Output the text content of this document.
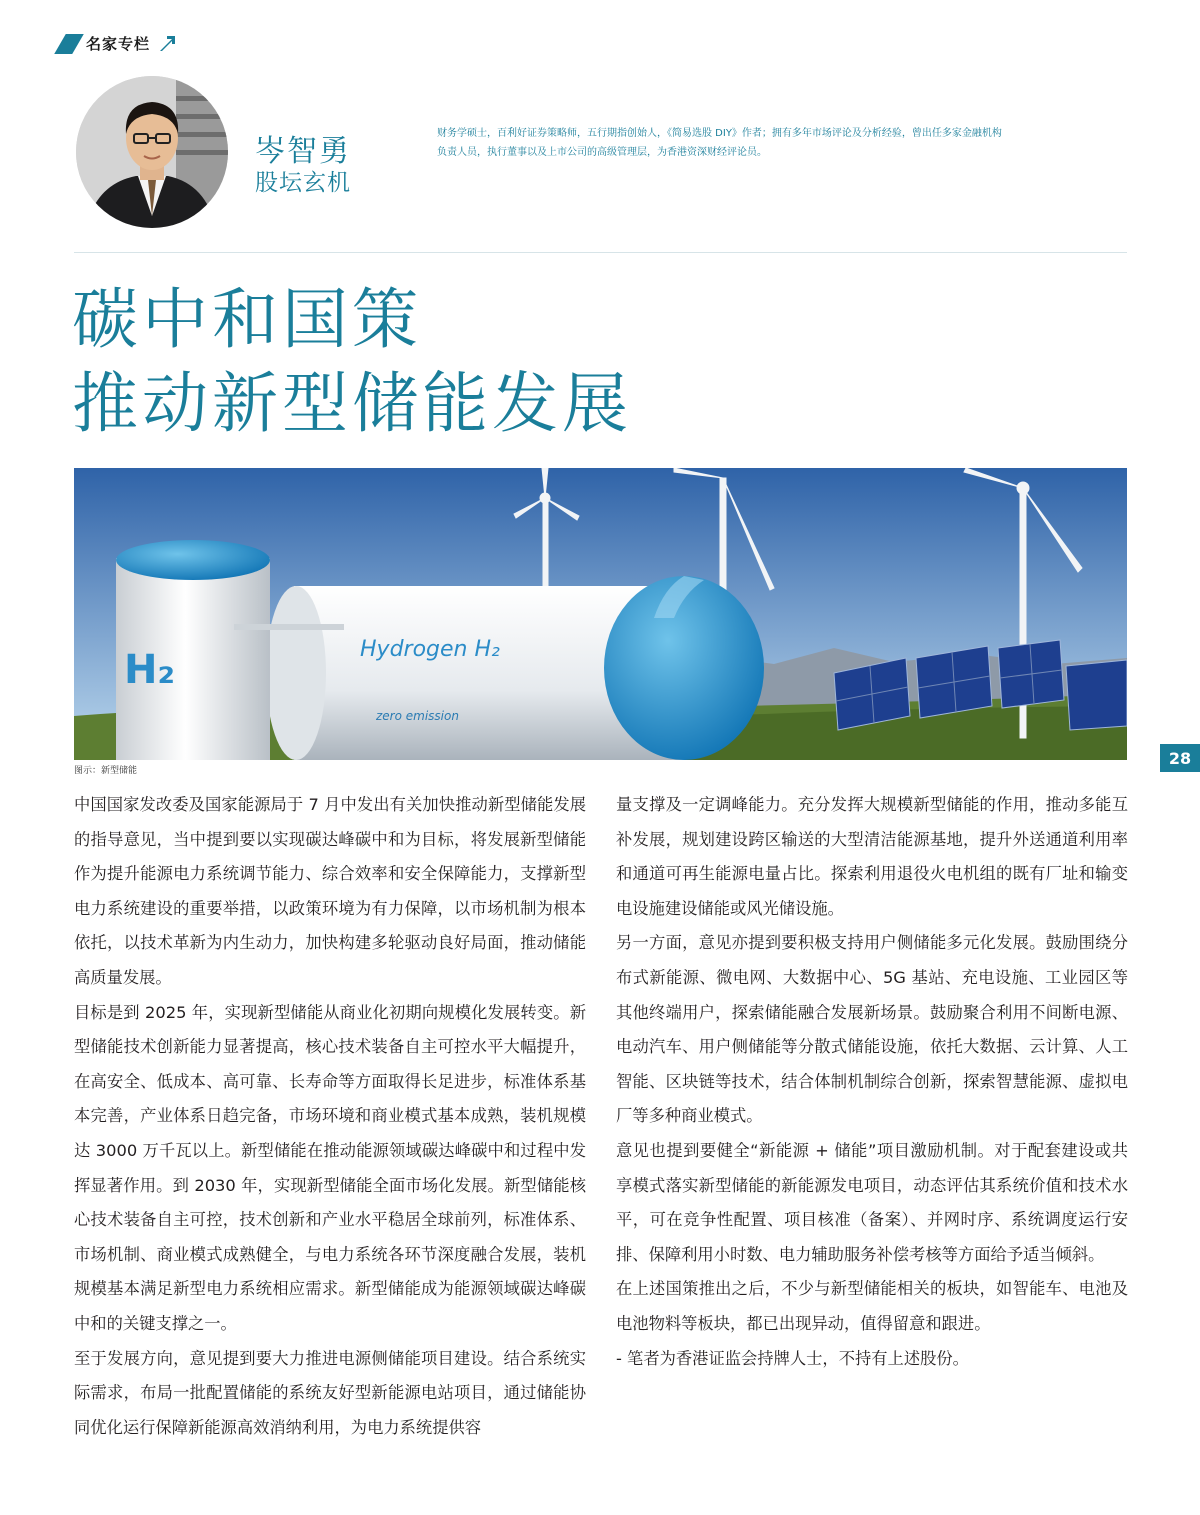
名家专栏
岑智勇
股坛玄机
财务学硕士，百利好证券策略师，五行期指创始人，《简易选股 DIY》作者；拥有多年市场评论及分析经验，曾出任多家金融机构负责人员，执行董事以及上市公司的高级管理层，为香港资深财经评论员。
碳中和国策
推动新型储能发展
Hydrogen H₂
zero emission
H₂
图示：新型储能
28

中国国家发改委及国家能源局于 7 月中发出有关加快推动新型储能发展的指导意见，当中提到要以实现碳达峰碳中和为目标，将发展新型储能作为提升能源电力系统调节能力、综合效率和安全保障能力，支撑新型电力系统建设的重要举措，以政策环境为有力保障，以市场机制为根本依托，以技术革新为内生动力，加快构建多轮驱动良好局面，推动储能高质量发展。

目标是到 2025 年，实现新型储能从商业化初期向规模化发展转变。新型储能技术创新能力显著提高，核心技术装备自主可控水平大幅提升，在高安全、低成本、高可靠、长寿命等方面取得长足进步，标准体系基本完善，产业体系日趋完备，市场环境和商业模式基本成熟，装机规模达 3000 万千瓦以上。新型储能在推动能源领域碳达峰碳中和过程中发挥显著作用。到 2030 年，实现新型储能全面市场化发展。新型储能核心技术装备自主可控，技术创新和产业水平稳居全球前列，标准体系、市场机制、商业模式成熟健全，与电力系统各环节深度融合发展，装机规模基本满足新型电力系统相应需求。新型储能成为能源领域碳达峰碳中和的关键支撑之一。

至于发展方向，意见提到要大力推进电源侧储能项目建设。结合系统实际需求，布局一批配置储能的系统友好型新能源电站项目，通过储能协同优化运行保障新能源高效消纳利用，为电力系统提供容

量支撑及一定调峰能力。充分发挥大规模新型储能的作用，推动多能互补发展，规划建设跨区输送的大型清洁能源基地，提升外送通道利用率和通道可再生能源电量占比。探索利用退役火电机组的既有厂址和输变电设施建设储能或风光储设施。

另一方面，意见亦提到要积极支持用户侧储能多元化发展。鼓励围绕分布式新能源、微电网、大数据中心、5G 基站、充电设施、工业园区等其他终端用户，探索储能融合发展新场景。鼓励聚合利用不间断电源、电动汽车、用户侧储能等分散式储能设施，依托大数据、云计算、人工智能、区块链等技术，结合体制机制综合创新，探索智慧能源、虚拟电厂等多种商业模式。

意见也提到要健全“新能源 + 储能”项目激励机制。对于配套建设或共享模式落实新型储能的新能源发电项目，动态评估其系统价值和技术水平，可在竞争性配置、项目核准（备案）、并网时序、系统调度运行安排、保障利用小时数、电力辅助服务补偿考核等方面给予适当倾斜。

在上述国策推出之后，不少与新型储能相关的板块，如智能车、电池及电池物料等板块，都已出现异动，值得留意和跟进。

- 笔者为香港证监会持牌人士，不持有上述股份。
